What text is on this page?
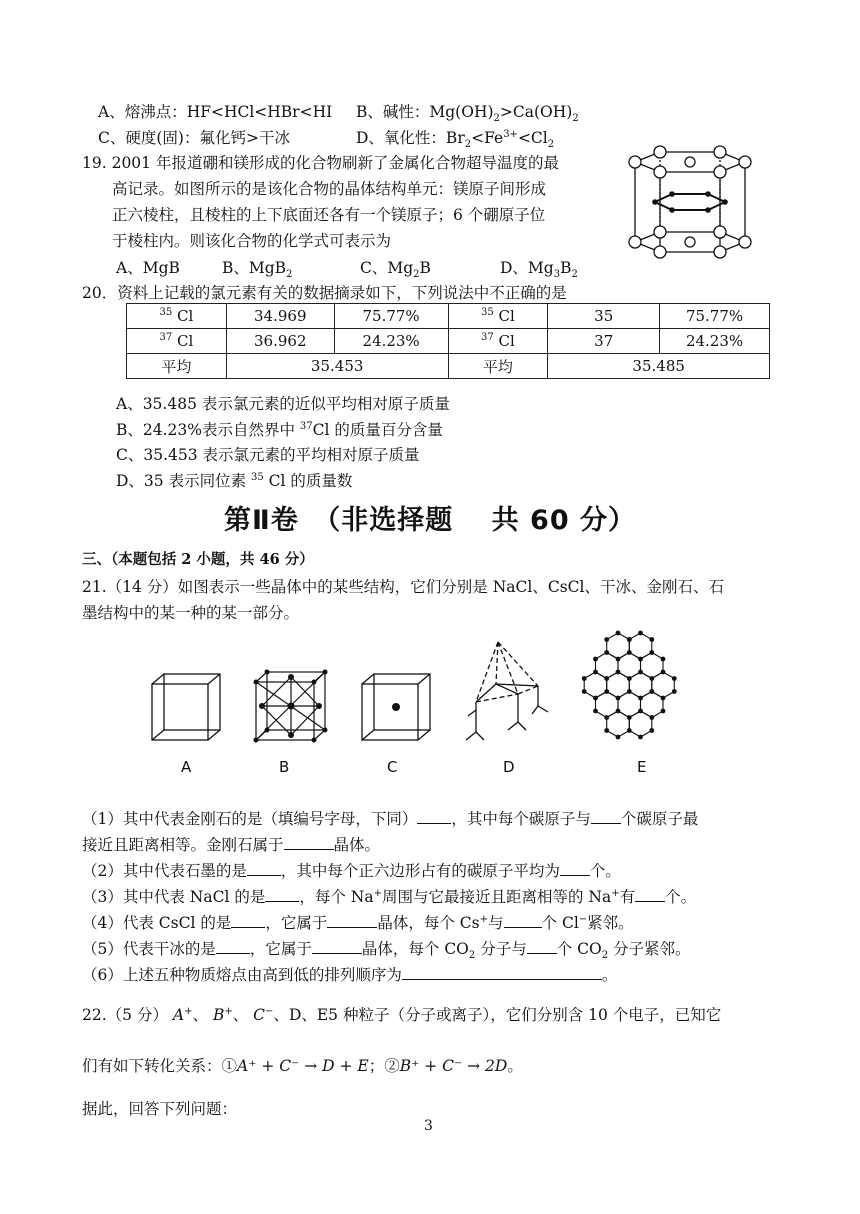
A、熔沸点：HF<HCl<HBr<HI B、碱性：$Mg(OH)_2>Ca(OH)_2$
C、硬度(固)：氟化钙>干冰	D、氧化性：$Br_2<Fe^{3+}<Cl_2$
19. 2001 年报道硼和镁形成的化合物刷新了金属化合物超导温度的最
高记录。如图所示的是该化合物的晶体结构单元：镁原子间形成
正六棱柱，且棱柱的上下底面还各有一个镁原子；6 个硼原子位
于棱柱内。则该化合物的化学式可表示为
A、MgB	B、MgB$_2$	C、$Mg_2B$	D、$Mg_3B_2$
20．资料上记载的氯元素有关的数据摘录如下，下列说法中不正确的是
$^{35}$ Cl	34.969	75.77%	$^{35}$ Cl	35	75.77%
$^{37}$ Cl	36.962	24.23%	$^{37}$ Cl	37	24.23%
平均	35.453		平均	35.485	
A、35.485 表示氯元素的近似平均相对原子质量
B、24.23%表示自然界中 $^{37}$Cl 的质量百分含量
C、35.453 表示氯元素的平均相对原子质量
D、35 表示同位素 $^{35}$ Cl 的质量数
第Ⅱ卷　（非选择题　 共 60 分）
三、（本题包括 2 小题，共 46 分）
21.（14 分）如图表示一些晶体中的某些结构，它们分别是 NaCl、CsCl、干冰、金刚石、石
墨结构中的某一种的某一部分。
A	B	C	D	E
（1）其中代表金刚石的是（填编号字母，下同） ，其中每个碳原子与 个碳原子最
接近且距离相等。金刚石属于	晶体。
（2）其中代表石墨的是 ，其中每个正六边形占有的碳原子平均为 个。
（3）其中代表 NaCl 的是 ，每个 Na+周围与它最接近且距离相等的 Na+有 个。
（4）代表 CsCl 的是 ，它属于	晶体，每个 Cs+与 个 Cl−紧邻。
（5）代表干冰的是 ，它属于	晶体，每个 $CO_2$ 分子与 个 $CO_2$ 分子紧邻。
（6）上述五种物质熔点由高到低的排列顺序为	。
22.（5 分） A+、 B+、 C−、D、E5 种粒子（分子或离子），它们分别含 10 个电子，已知它
们有如下转化关系：①A⁺ + C⁻ → D + E；②B⁺ + C⁻ → 2D。
据此，回答下列问题：
3
